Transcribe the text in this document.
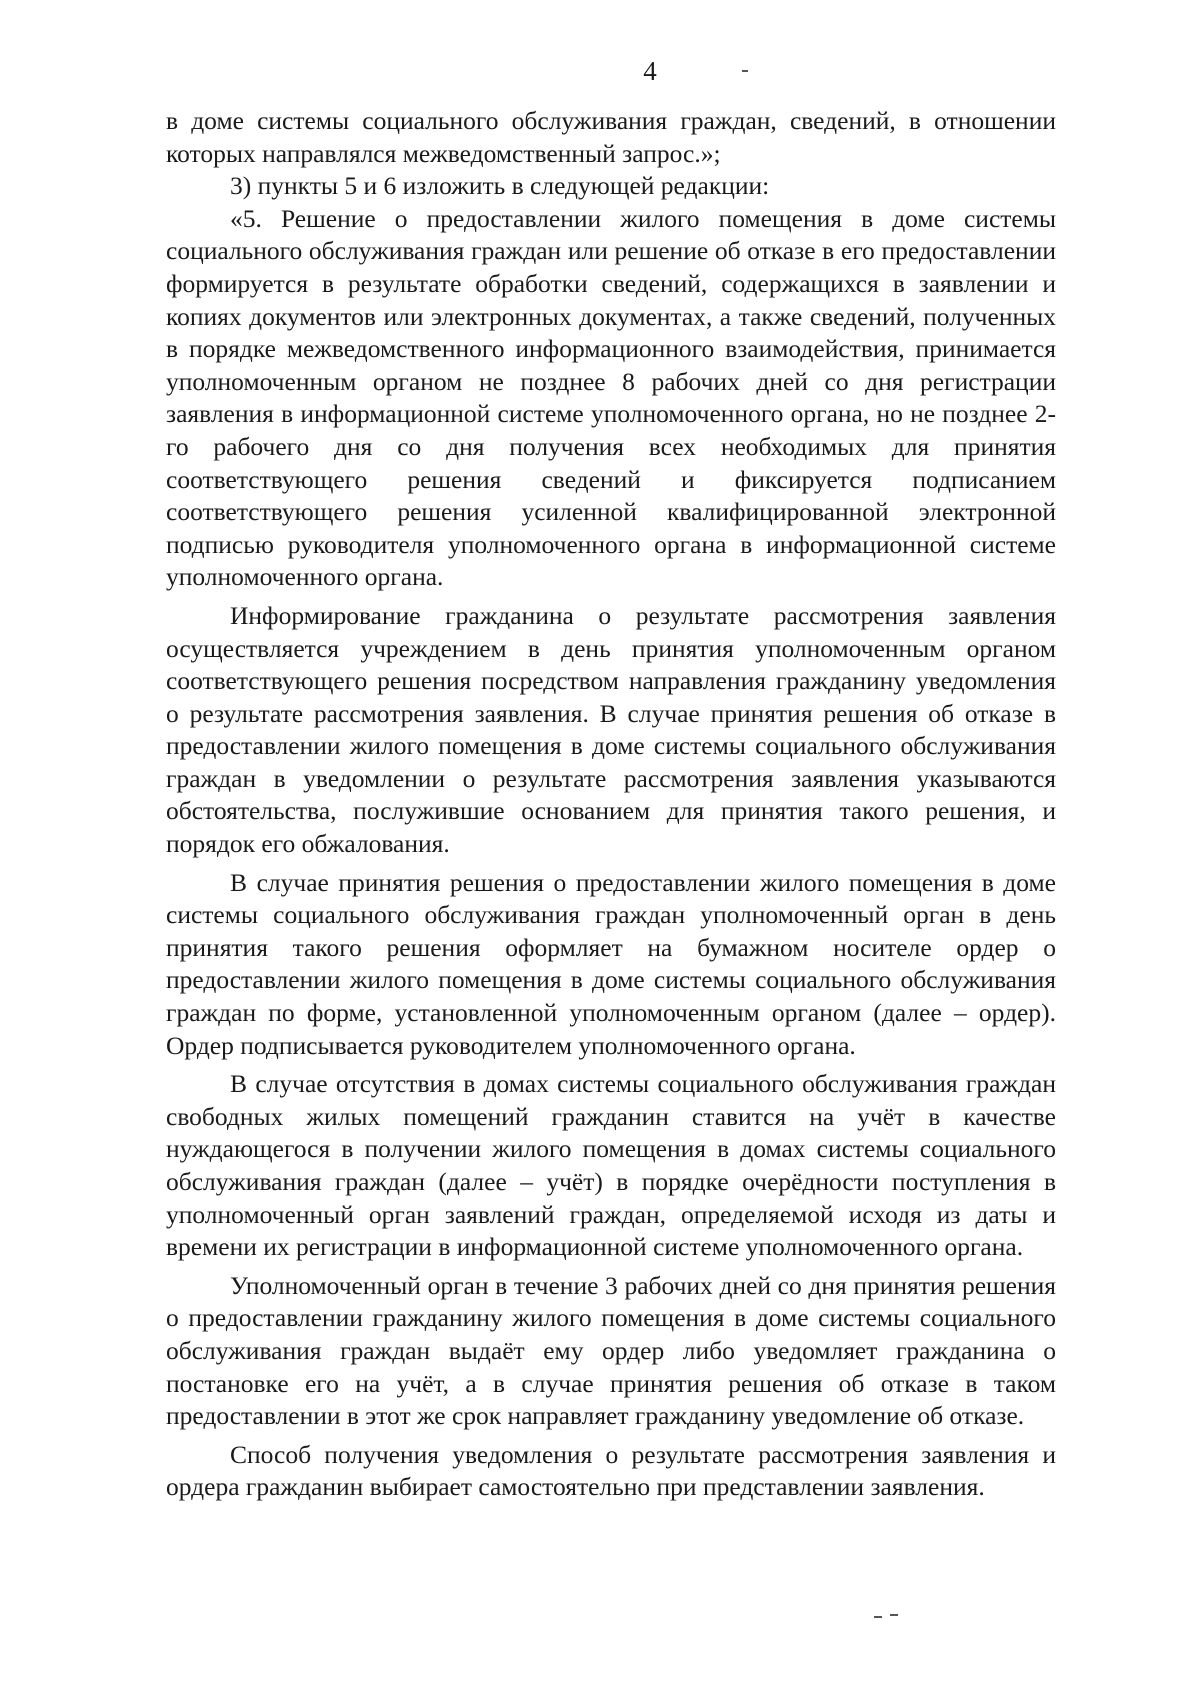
4

в доме системы социального обслуживания граждан, сведений, в отношении которых направлялся межведомственный запрос.»;

3) пункты 5 и 6 изложить в следующей редакции:

«5. Решение о предоставлении жилого помещения в доме системы социального обслуживания граждан или решение об отказе в его предоставлении формируется в результате обработки сведений, содержащихся в заявлении и копиях документов или электронных документах, а также сведений, полученных в порядке межведомственного информационного взаимодействия, принимается уполномоченным органом не позднее 8 рабочих дней со дня регистрации заявления в информационной системе уполномоченного органа, но не позднее 2-го рабочего дня со дня получения всех необходимых для принятия соответствующего решения сведений и фиксируется подписанием соответствующего решения усиленной квалифицированной электронной подписью руководителя уполномоченного органа в информационной системе уполномоченного органа.

Информирование гражданина о результате рассмотрения заявления осуществляется учреждением в день принятия уполномоченным органом соответствующего решения посредством направления гражданину уведомления о результате рассмотрения заявления. В случае принятия решения об отказе в предоставлении жилого помещения в доме системы социального обслуживания граждан в уведомлении о результате рассмотрения заявления указываются обстоятельства, послужившие основанием для принятия такого решения, и порядок его обжалования.

В случае принятия решения о предоставлении жилого помещения в доме системы социального обслуживания граждан уполномоченный орган в день принятия такого решения оформляет на бумажном носителе ордер о предоставлении жилого помещения в доме системы социального обслуживания граждан по форме, установленной уполномоченным органом (далее – ордер). Ордер подписывается руководителем уполномоченного органа.

В случае отсутствия в домах системы социального обслуживания граждан свободных жилых помещений гражданин ставится на учёт в качестве нуждающегося в получении жилого помещения в домах системы социального обслуживания граждан (далее – учёт) в порядке очерёдности поступления в уполномоченный орган заявлений граждан, определяемой исходя из даты и времени их регистрации в информационной системе уполномоченного органа.

Уполномоченный орган в течение 3 рабочих дней со дня принятия решения о предоставлении гражданину жилого помещения в доме системы социального обслуживания граждан выдаёт ему ордер либо уведомляет гражданина о постановке его на учёт, а в случае принятия решения об отказе в таком предоставлении в этот же срок направляет гражданину уведомление об отказе.

Способ получения уведомления о результате рассмотрения заявления и ордера гражданин выбирает самостоятельно при представлении заявления.
